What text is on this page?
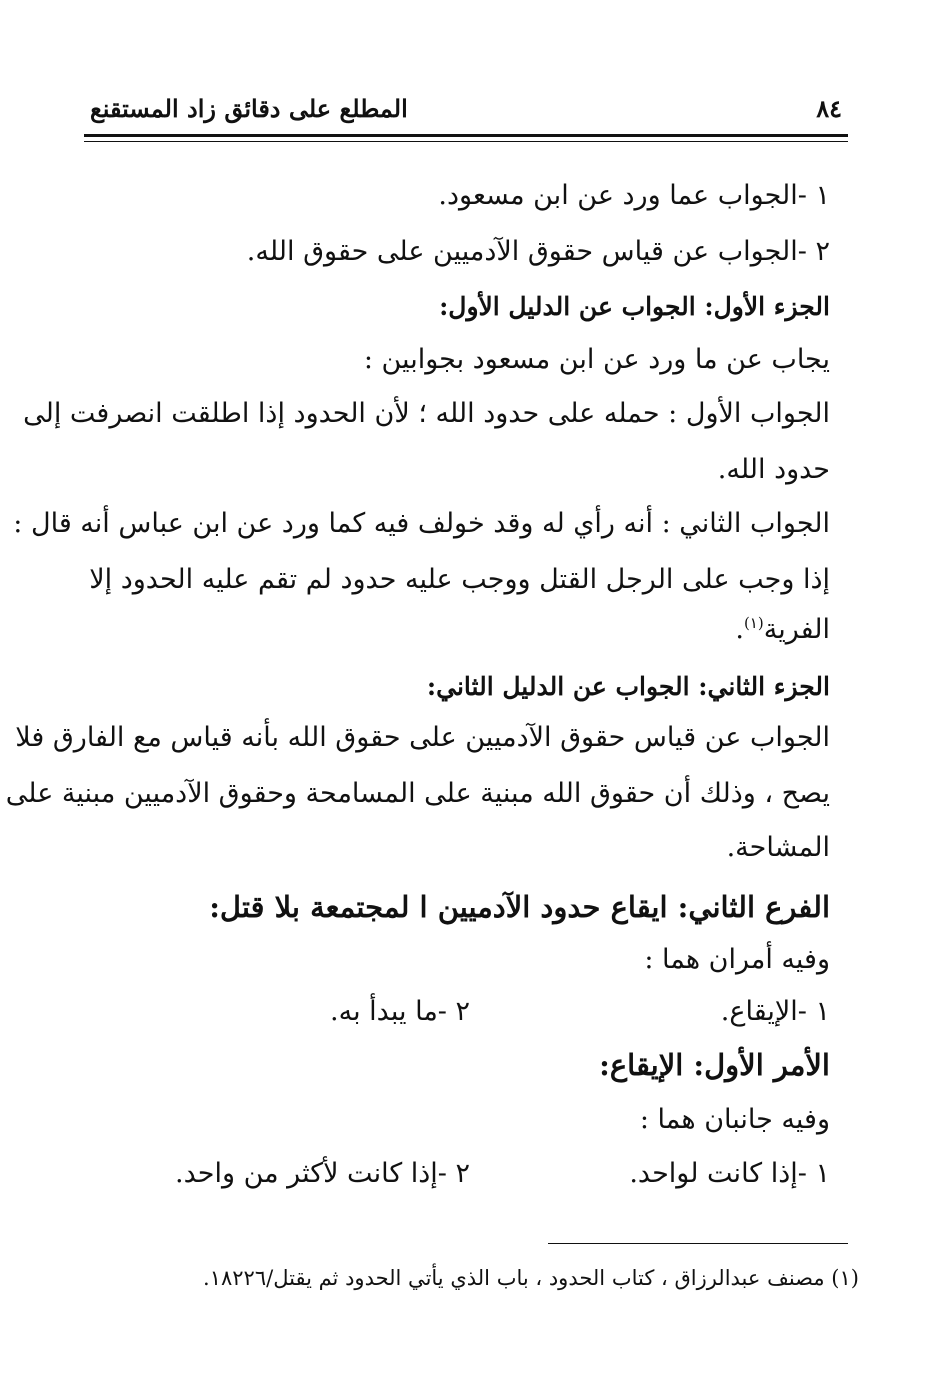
المطلع على دقائق زاد المستقنع	٨٤
١ -الجواب عما ورد عن ابن مسعود.
٢ -الجواب عن قياس حقوق الآدميين على حقوق الله.
الجزء الأول: الجواب عن الدليل الأول:
يجاب عن ما ورد عن ابن مسعود بجوابين :
الجواب الأول : حمله على حدود الله ؛ لأن الحدود إذا اطلقت انصرفت إلى
حدود الله.
الجواب الثاني : أنه رأي له وقد خولف فيه كما ورد عن ابن عباس أنه قال :
إذا وجب على الرجل القتل ووجب عليه حدود لم تقم عليه الحدود إلا
الفرية$^{(١)}$.
الجزء الثاني: الجواب عن الدليل الثاني:
الجواب عن قياس حقوق الآدميين على حقوق الله بأنه قياس مع الفارق فلا
يصح ، وذلك أن حقوق الله مبنية على المسامحة وحقوق الآدميين مبنية على
المشاحة.
الفرع الثاني: ايقاع حدود الآدميين ا لمجتمعة بلا قتل:
وفيه أمران هما :
١ -الإيقاع.
٢ -ما يبدأ به.
الأمر الأول: الإيقاع:
وفيه جانبان هما :
١ -إذا كانت لواحد.
٢ -إذا كانت لأكثر من واحد.
(١) مصنف عبدالرزاق ، كتاب الحدود ، باب الذي يأتي الحدود ثم يقتل/١٨٢٢٦.
